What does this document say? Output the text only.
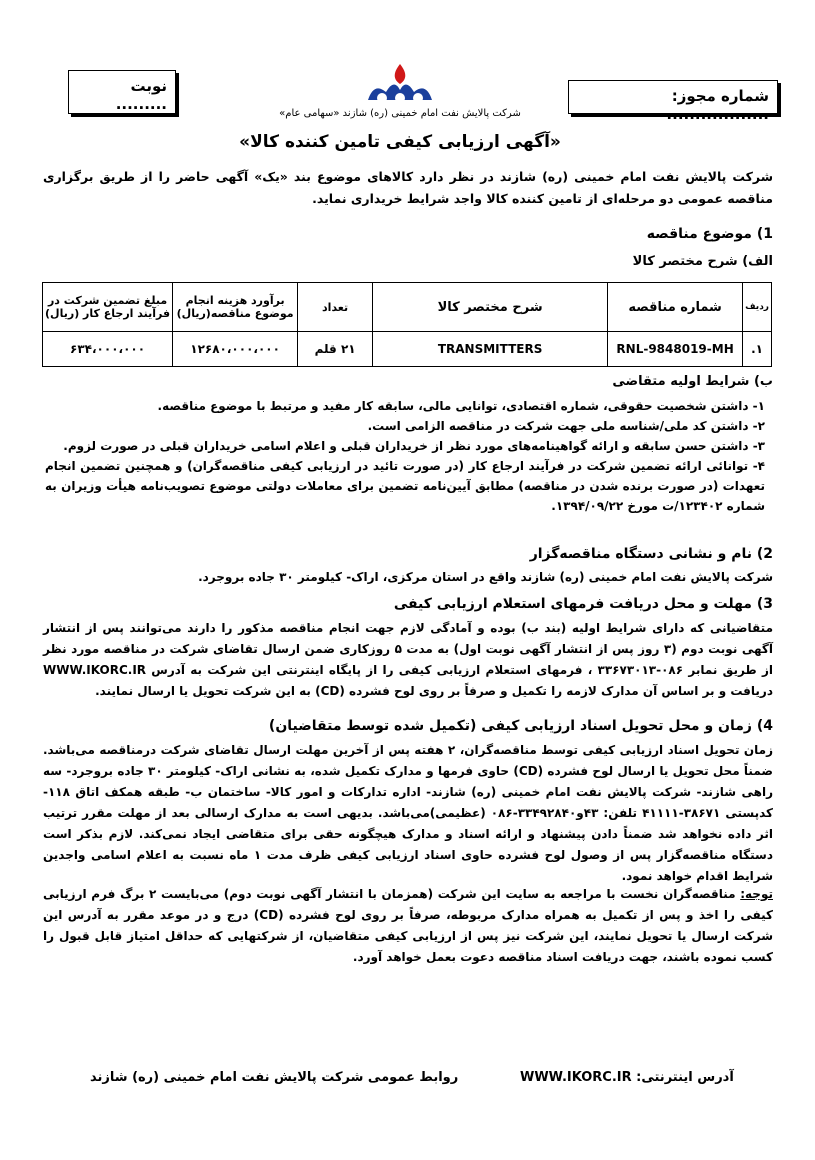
شماره مجوز: ..................
نوبت .........
شرکت پالایش نفت امام خمینی (ره) شازند «سهامی عام»
«آگهی ارزیابی کیفی تامین کننده کالا»
شرکت پالایش نفت امام خمینی (ره) شازند در نظر دارد کالاهای موضوع بند «یک» آگهی حاضر را از طریق برگزاری مناقصه عمومی دو مرحله‌ای از تامین کننده کالا واجد شرایط خریداری نماید.
1) موضوع مناقصه
الف) شرح مختصر کالا
ردیف	شماره مناقصه	شرح مختصر کالا	تعداد	برآورد هزینه انجام موضوع مناقصه(ریال)	مبلغ تضمین شرکت در فرآیند ارجاع کار (ریال)
۱.	RNL-9848019-MH	TRANSMITTERS	۲۱ قلم	۱۲۶۸۰،۰۰۰،۰۰۰	۶۳۴،۰۰۰،۰۰۰
ب) شرایط اولیه متقاضی
۱- داشتن شخصیت حقوقی، شماره اقتصادی، توانایی مالی، سابقه کار مفید و مرتبط با موضوع مناقصه.
۲- داشتن کد ملی/شناسه ملی جهت شرکت در مناقصه الزامی است.
۳- داشتن حسن سابقه و ارائه گواهینامه‌های مورد نظر از خریداران قبلی و اعلام اسامی خریداران قبلی در صورت لزوم.
۴- توانائی ارائه تضمین شرکت در فرآیند ارجاع کار (در صورت تائید در ارزیابی کیفی مناقصه‌گران) و همچنین تضمین انجام تعهدات (در صورت برنده شدن در مناقصه) مطابق آیین‌نامه تضمین برای معاملات دولتی موضوع تصویب‌نامه هیأت وزیران به شماره ۱۲۳۴۰۲/ت مورخ ۱۳۹۴/۰۹/۲۲.
2) نام و نشانی دستگاه مناقصه‌گزار
شرکت پالایش نفت امام خمینی (ره) شازند واقع در استان مرکزی، اراک- کیلومتر ۳۰ جاده بروجرد.
3) مهلت و محل دریافت فرمهای استعلام ارزیابی کیفی
متقاضیانی که دارای شرایط اولیه (بند ب) بوده و آمادگی لازم جهت انجام مناقصه مذکور را دارند می‌توانند پس از انتشار آگهی نوبت دوم (۳ روز پس از انتشار آگهی نوبت اول) به مدت ۵ روزکاری ضمن ارسال تقاضای شرکت در مناقصه مورد نظر از طریق نمابر ۰۸۶-۳۳۶۷۳۰۱۳ ، فرمهای استعلام ارزیابی کیفی را از پایگاه اینترنتی این شرکت به آدرس WWW.IKORC.IR دریافت و بر اساس آن مدارک لازمه را تکمیل و صرفاً بر روی لوح فشرده (CD) به این شرکت تحویل یا ارسال نمایند.
4) زمان و محل تحویل اسناد ارزیابی کیفی (تکمیل شده توسط متقاضیان)
زمان تحویل اسناد ارزیابی کیفی توسط مناقصه‌گران، ۲ هفته پس از آخرین مهلت ارسال تقاضای شرکت درمناقصه می‌باشد. ضمناً محل تحویل یا ارسال لوح فشرده (CD) حاوی فرمها و مدارک تکمیل شده، به نشانی اراک- کیلومتر ۳۰ جاده بروجرد- سه راهی شازند- شرکت پالایش نفت امام خمینی (ره) شازند- اداره تدارکات و امور کالا- ساختمان ب- طبقه همکف اتاق ۱۱۸- کدپستی ۳۸۶۷۱-۴۱۱۱۱ تلفن: ۴۳و۳۳۴۹۲۸۴۰-۰۸۶ (عظیمی)می‌باشد. بدیهی است به مدارک ارسالی بعد از مهلت مقرر ترتیب اثر داده نخواهد شد ضمناً دادن پیشنهاد و ارائه اسناد و مدارک هیچگونه حقی برای متقاضی ایجاد نمی‌کند. لازم بذکر است دستگاه مناقصه‌گزار پس از وصول لوح فشرده حاوی اسناد ارزیابی کیفی ظرف مدت ۱ ماه نسبت به اعلام اسامی واجدین شرایط اقدام خواهد نمود.
توجه: مناقصه‌گران نخست با مراجعه به سایت این شرکت (همزمان با انتشار آگهی نوبت دوم) می‌بایست ۲ برگ فرم ارزیابی کیفی را اخذ و پس از تکمیل به همراه مدارک مربوطه، صرفاً بر روی لوح فشرده (CD) درج و در موعد مقرر به آدرس این شرکت ارسال یا تحویل نمایند، این شرکت نیز پس از ارزیابی کیفی متقاضیان، از شرکتهایی که حداقل امتیاز قابل قبول را کسب نموده باشند، جهت دریافت اسناد مناقصه دعوت بعمل خواهد آورد.
آدرس اینترنتی: WWW.IKORC.IR
روابط عمومی شرکت پالایش نفت امام خمینی (ره) شازند
